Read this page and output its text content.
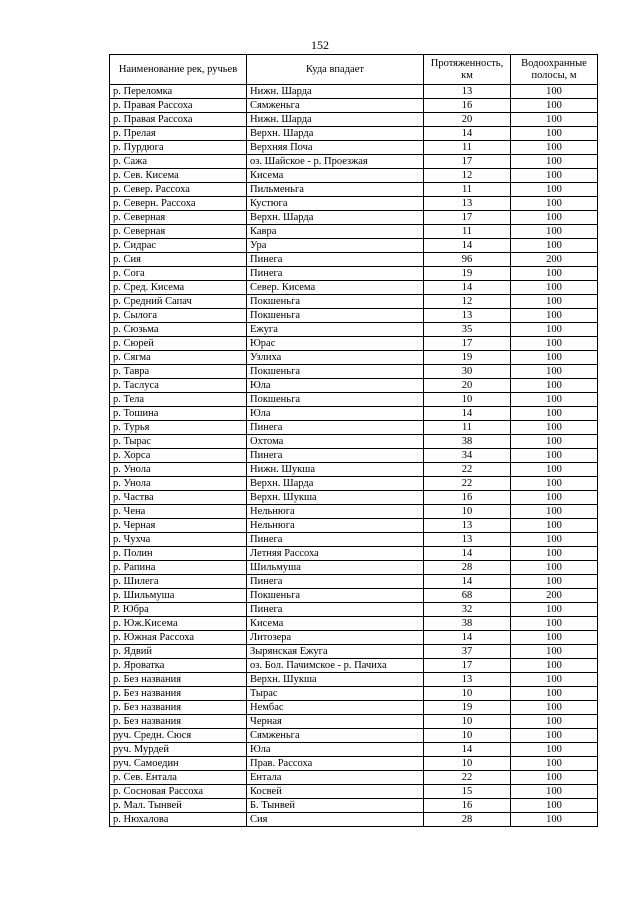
152
Наименование рек, ручьев	Куда впадает	Протяженность, км	Водоохранные полосы, м
р. Переломка	Нижн. Шарда	13	100
р. Правая Рассоха	Сямженьга	16	100
р. Правая Рассоха	Нижн. Шарда	20	100
р. Прелая	Верхн. Шарда	14	100
р. Пурдюга	Верхняя Поча	11	100
р. Сажа	оз. Шайское - р. Проезжая	17	100
р. Сев. Кисема	Кисема	12	100
р. Север. Рассоха	Пильменьга	11	100
р. Северн. Рассоха	Кустюга	13	100
р. Северная	Верхн. Шарда	17	100
р. Северная	Кавра	11	100
р. Сидрас	Ура	14	100
р. Сия	Пинега	96	200
р. Сога	Пинега	19	100
р. Сред. Кисема	Север. Кисема	14	100
р. Средний Сапач	Покшеньга	12	100
р. Сылога	Покшеньга	13	100
р. Сюзьма	Ежуга	35	100
р. Сюрей	Юрас	17	100
р. Сягма	Узлиха	19	100
р. Тавра	Покшеньга	30	100
р. Таслуса	Юла	20	100
р. Тела	Покшеньга	10	100
р. Тошина	Юла	14	100
р. Турья	Пинега	11	100
р. Тырас	Охтома	38	100
р. Хорса	Пинега	34	100
р. Унола	Нижн. Шукша	22	100
р. Унола	Верхн. Шарда	22	100
р. Частва	Верхн. Шукша	16	100
р. Чена	Нельнюга	10	100
р. Черная	Нельнюга	13	100
р. Чухча	Пинега	13	100
р. Полин	Летняя Рассоха	14	100
р. Рапина	Шильмуша	28	100
р. Шилега	Пинега	14	100
р. Шильмуша	Покшеньга	68	200
Р. Юбра	Пинега	32	100
р. Юж.Кисема	Кисема	38	100
р. Южная Рассоха	Литозера	14	100
р. Ядвий	Зырянская Ежуга	37	100
р. Яроватка	оз. Бол. Пачимское - р. Пачиха	17	100
р. Без названия	Верхн. Шукша	13	100
р. Без названия	Тырас	10	100
р. Без названия	Нембас	19	100
р. Без названия	Черная	10	100
руч. Средн. Сюся	Сямженьга	10	100
руч. Мурдей	Юла	14	100
руч. Самоедин	Прав. Рассоха	10	100
р. Сев. Ентала	Ентала	22	100
р. Сосновая Рассоха	Косвей	15	100
р. Мал. Тынвей	Б. Тынвей	16	100
р. Нюхалова	Сия	28	100
